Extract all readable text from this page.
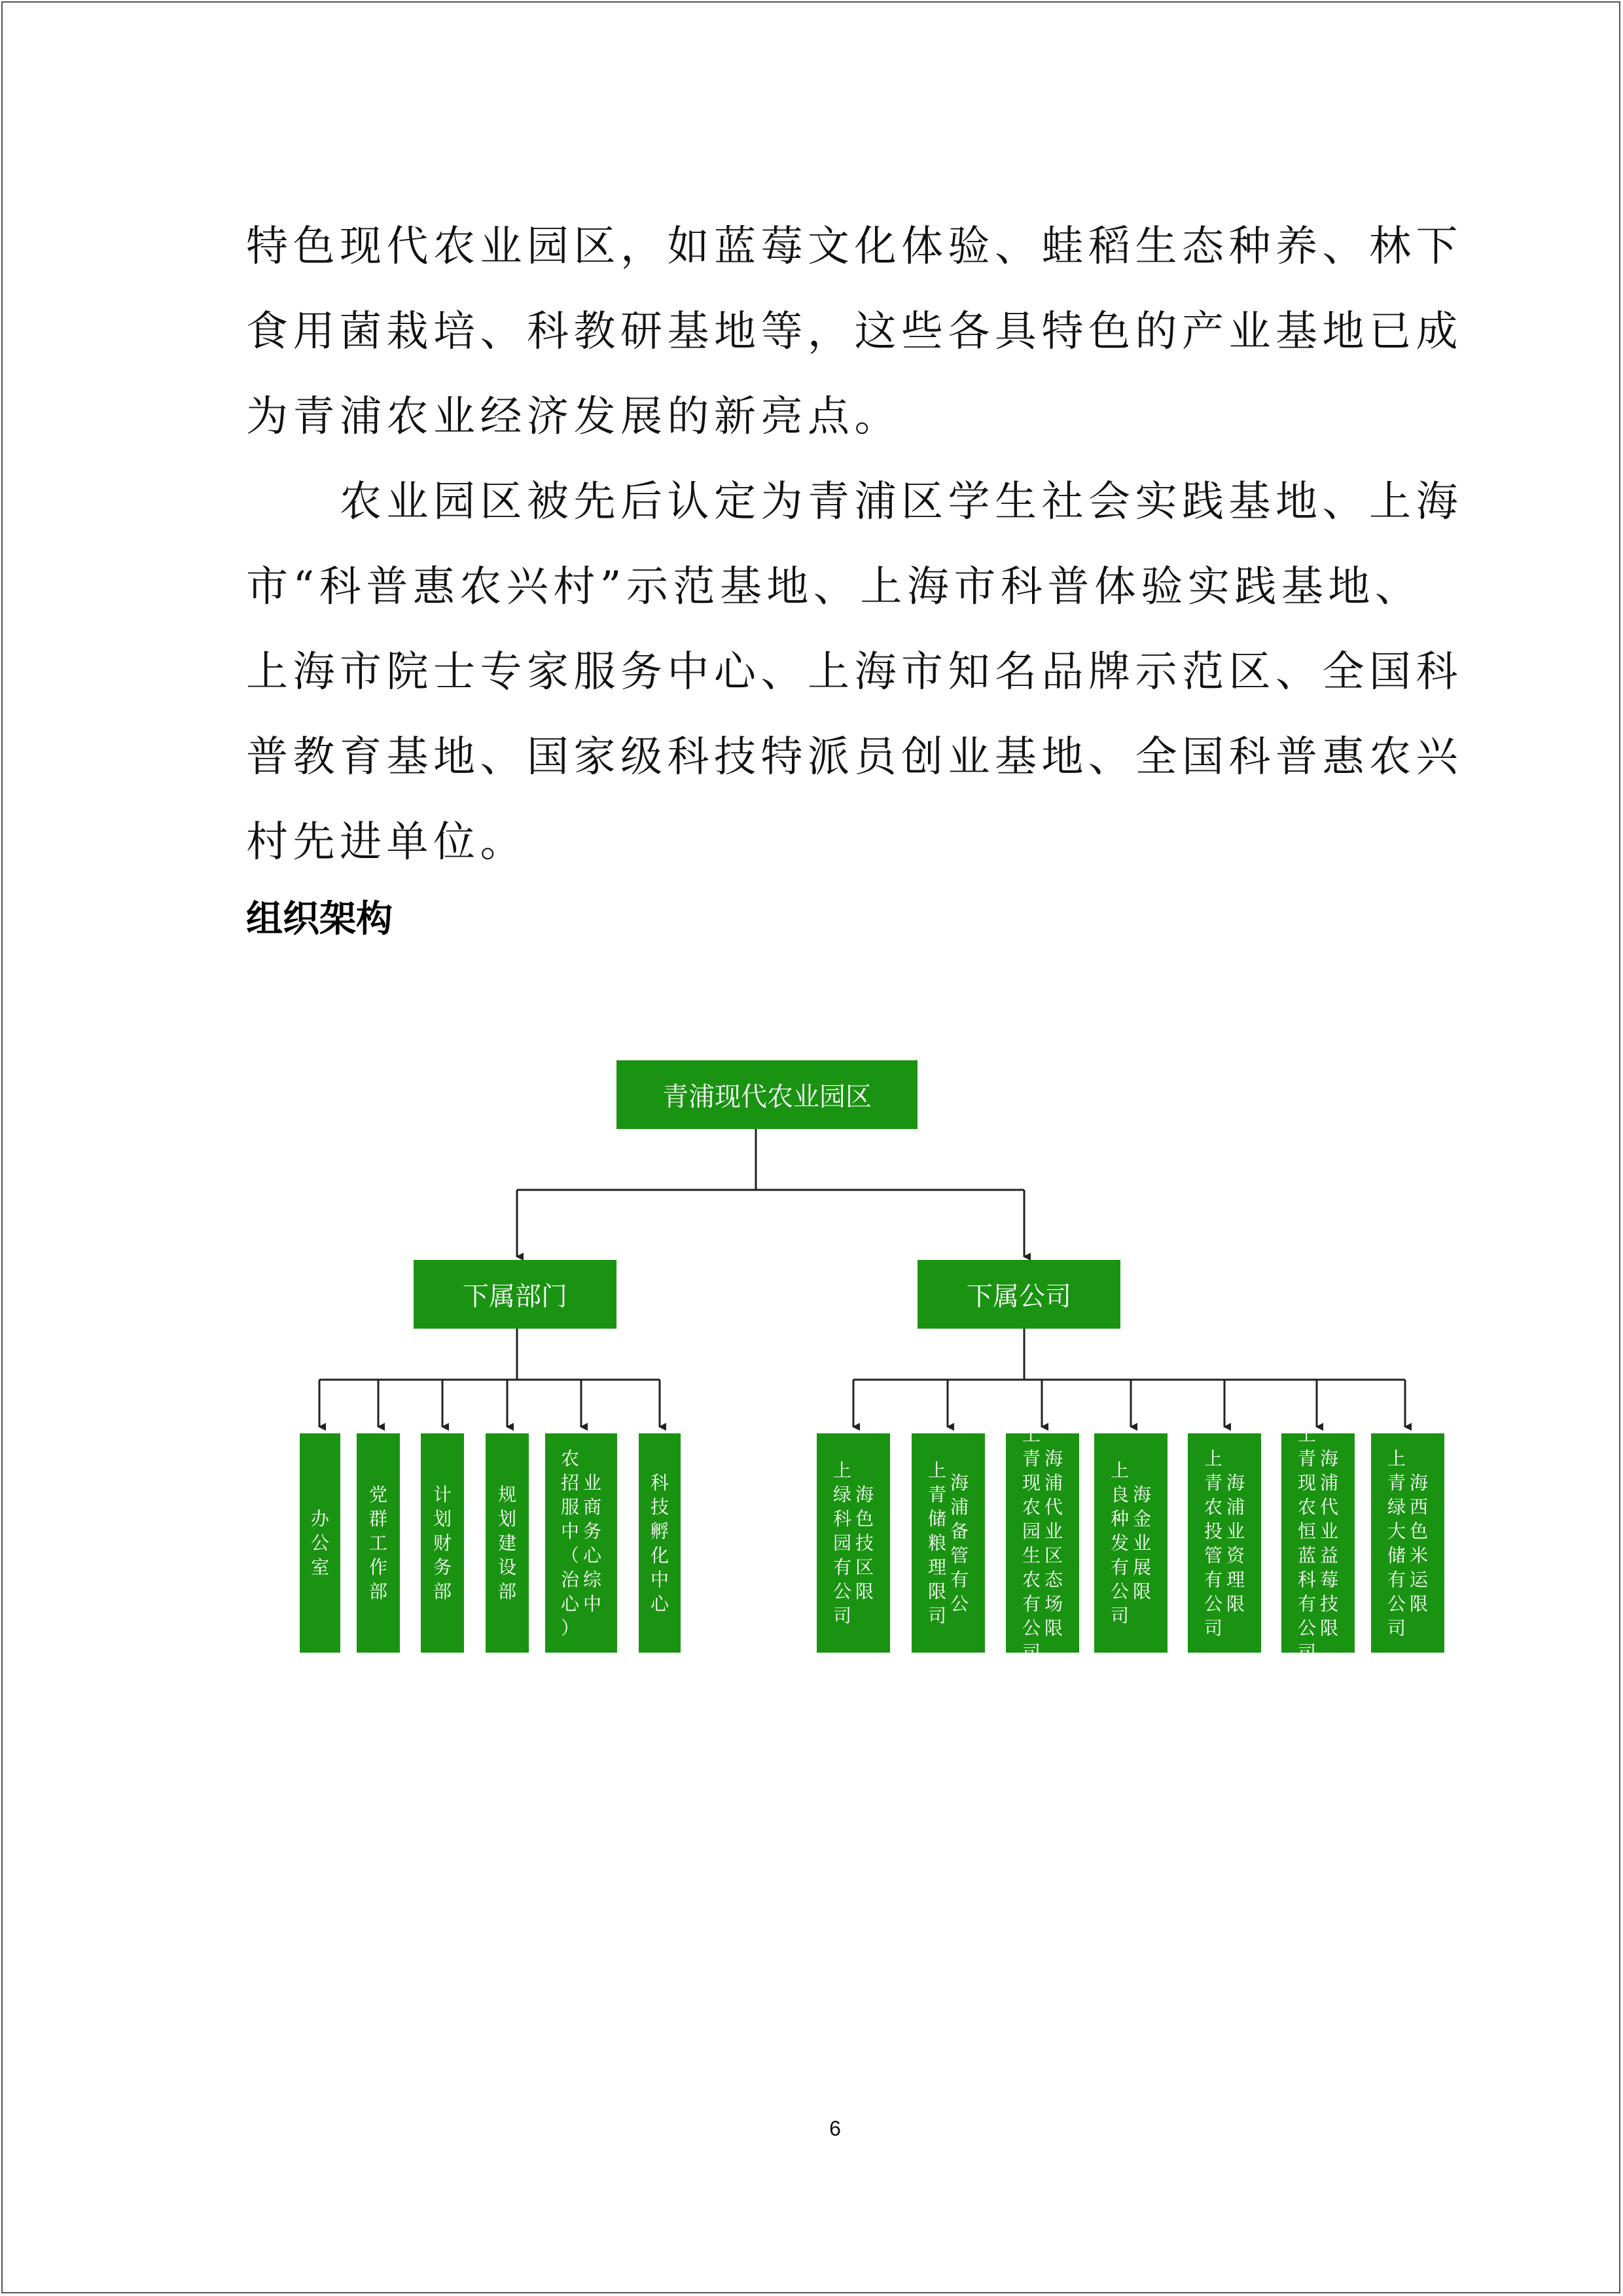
特色现代农业园区，如蓝莓文化体验、蛙稻生态种养、林下

食用菌栽培、科教研基地等，这些各具特色的产业基地已成

为青浦农业经济发展的新亮点。

　　农业园区被先后认定为青浦区学生社会实践基地、上海

市“科普惠农兴村”示范基地、上海市科普体验实践基地、

上海市院士专家服务中心、上海市知名品牌示范区、全国科

普教育基地、国家级科技特派员创业基地、全国科普惠农兴

村先进单位。

组织架构
青浦现代农业园区
下属部门	下属公司
办
公
室
党
群
工
作
部
计
划
财
务
部
规
划
建
设
部
农
招
服
中
（
治
心
）
业
商
务
心
综
中
科
技
孵
化
中
心
上
绿
科
园
有
公
司
海
色
技
区
限
上
青
储
粮
理
限
司
海
浦
备
管
有
公
上
青
现
农
园
生
农
有
公
司
海
浦
代
业
区
态
场
限
上
良
种
发
有
公
司
海
金
业
展
限
上
青
农
投
管
有
公
司
海
浦
业
资
理
限
上
青
现
农
恒
蓝
科
有
公
司
海
浦
代
业
益
莓
技
限
上
青
绿
大
储
有
公
司
海
西
色
米
运
限
6
